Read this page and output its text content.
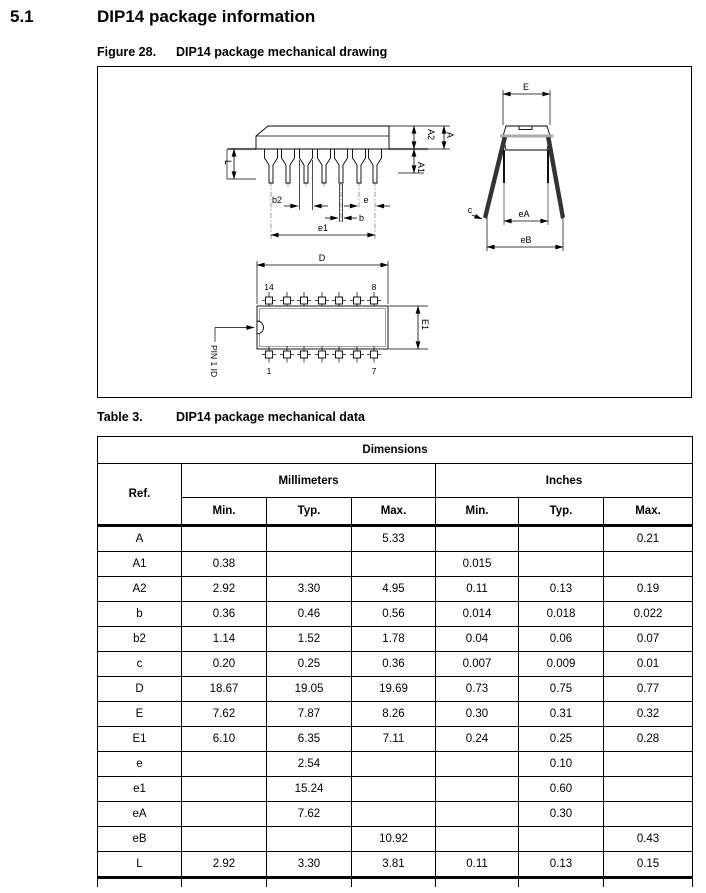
5.1	DIP14 package information
Figure 28. DIP14 package mechanical drawing
L
A2 A
A1
b2	e
b
e1
D
14	8
1	7
E1
PIN 1 ID
E
c	eA
eB
Table 3.	DIP14 package mechanical data
Dimensions						
Ref.	Millimeters			Inches		
	Min.	Typ.	Max.	Min.	Typ.	Max.
A			5.33			0.21
A1	0.38			0.015		
A2	2.92	3.30	4.95	0.11	0.13	0.19
b	0.36	0.46	0.56	0.014	0.018	0.022
b2	1.14	1.52	1.78	0.04	0.06	0.07
c	0.20	0.25	0.36	0.007	0.009	0.01
D	18.67	19.05	19.69	0.73	0.75	0.77
E	7.62	7.87	8.26	0.30	0.31	0.32
E1	6.10	6.35	7.11	0.24	0.25	0.28
e		2.54			0.10	
e1		15.24			0.60	
eA		7.62			0.30	
eB			10.92			0.43
L	2.92	3.30	3.81	0.11	0.13	0.15
